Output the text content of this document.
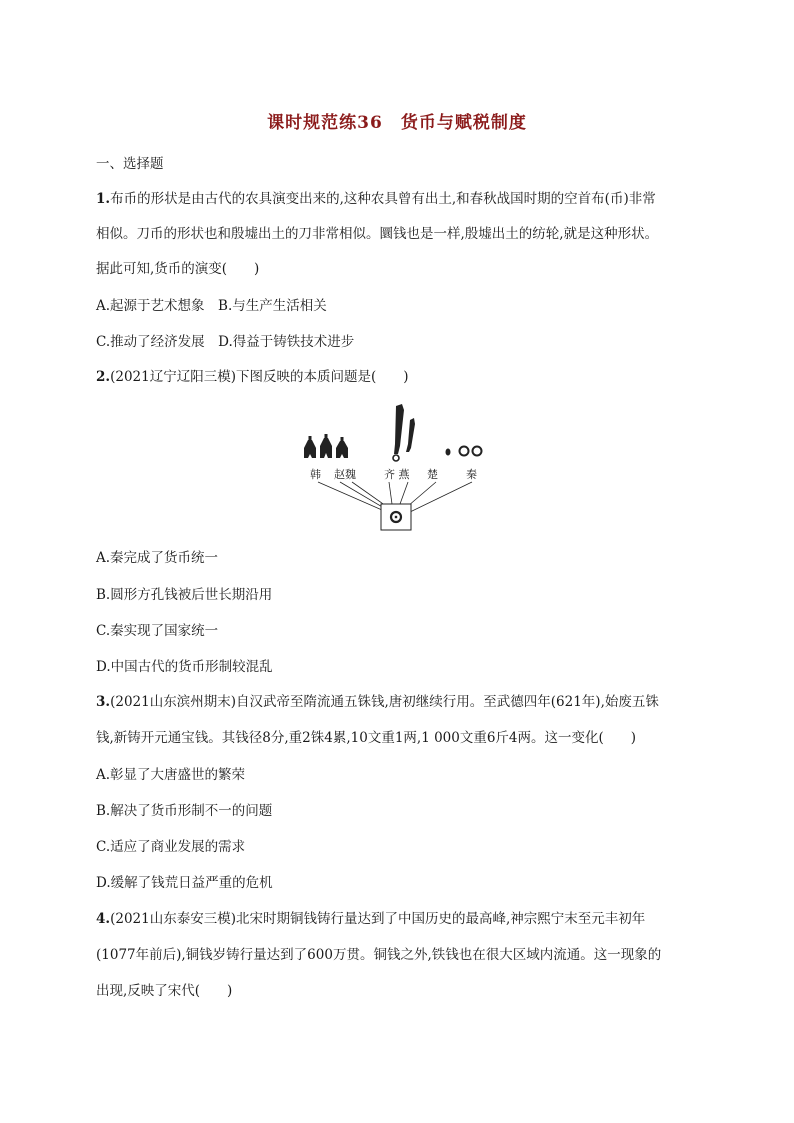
课时规范练36　货币与赋税制度
一、选择题
1.布币的形状是由古代的农具演变出来的,这种农具曾有出土,和春秋战国时期的空首布(币)非常
相似。刀币的形状也和殷墟出土的刀非常相似。圜钱也是一样,殷墟出土的纺轮,就是这种形状。
据此可知,货币的演变(　　)
A.起源于艺术想象　B.与生产生活相关
C.推动了经济发展　D.得益于铸铁技术进步
2.(2021辽宁辽阳三模)下图反映的本质问题是(　　)
韩 赵魏	齐 燕 楚	秦
A.秦完成了货币统一
B.圆形方孔钱被后世长期沿用
C.秦实现了国家统一
D.中国古代的货币形制较混乱
3.(2021山东滨州期末)自汉武帝至隋流通五铢钱,唐初继续行用。至武德四年(621年),始废五铢
钱,新铸开元通宝钱。其钱径8分,重2铢4累,10文重1两,1 000文重6斤4两。这一变化(　　)
A.彰显了大唐盛世的繁荣
B.解决了货币形制不一的问题
C.适应了商业发展的需求
D.缓解了钱荒日益严重的危机
4.(2021山东泰安三模)北宋时期铜钱铸行量达到了中国历史的最高峰,神宗熙宁末至元丰初年
(1077年前后),铜钱岁铸行量达到了600万贯。铜钱之外,铁钱也在很大区域内流通。这一现象的
出现,反映了宋代(　　)
